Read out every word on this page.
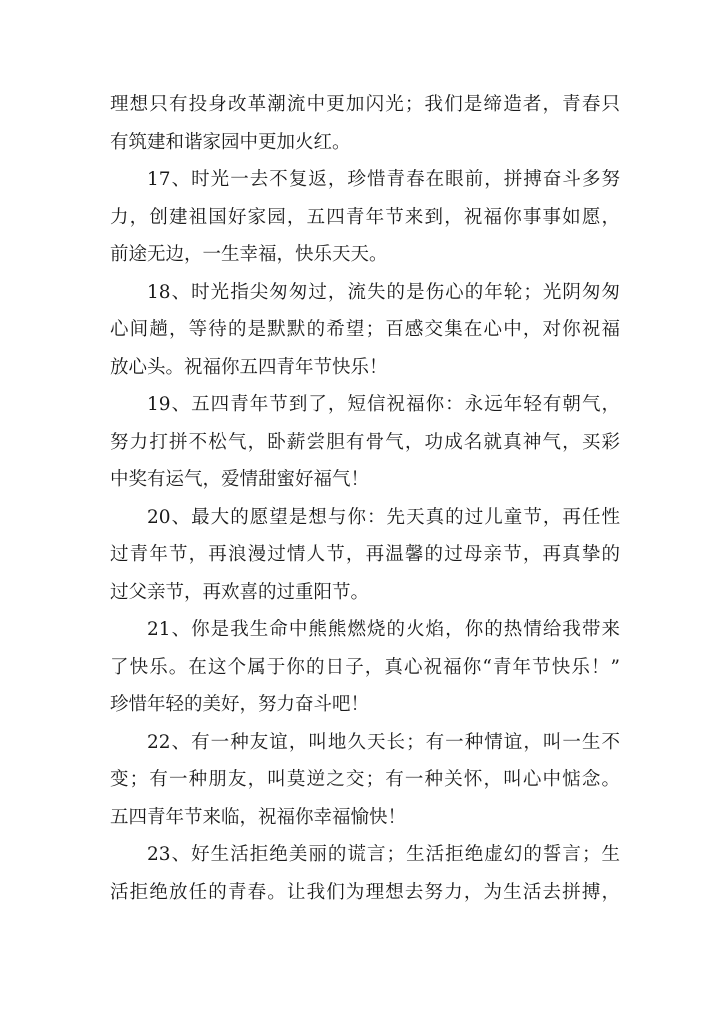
理想只有投身改革潮流中更加闪光；我们是缔造者，青春只
有筑建和谐家园中更加火红。

17、时光一去不复返，珍惜青春在眼前，拼搏奋斗多努
力，创建祖国好家园，五四青年节来到，祝福你事事如愿，
前途无边，一生幸福，快乐天天。

18、时光指尖匆匆过，流失的是伤心的年轮；光阴匆匆
心间趟，等待的是默默的希望；百感交集在心中，对你祝福
放心头。祝福你五四青年节快乐！

19、五四青年节到了，短信祝福你：永远年轻有朝气，
努力打拼不松气，卧薪尝胆有骨气，功成名就真神气，买彩
中奖有运气，爱情甜蜜好福气！

20、最大的愿望是想与你：先天真的过儿童节，再任性
过青年节，再浪漫过情人节，再温馨的过母亲节，再真挚的
过父亲节，再欢喜的过重阳节。

21、你是我生命中熊熊燃烧的火焰，你的热情给我带来
了快乐。在这个属于你的日子，真心祝福你“青年节快乐！”
珍惜年轻的美好，努力奋斗吧！

22、有一种友谊，叫地久天长；有一种情谊，叫一生不
变；有一种朋友，叫莫逆之交；有一种关怀，叫心中惦念。
五四青年节来临，祝福你幸福愉快！

23、好生活拒绝美丽的谎言；生活拒绝虚幻的誓言；生
活拒绝放任的青春。让我们为理想去努力，为生活去拼搏，
